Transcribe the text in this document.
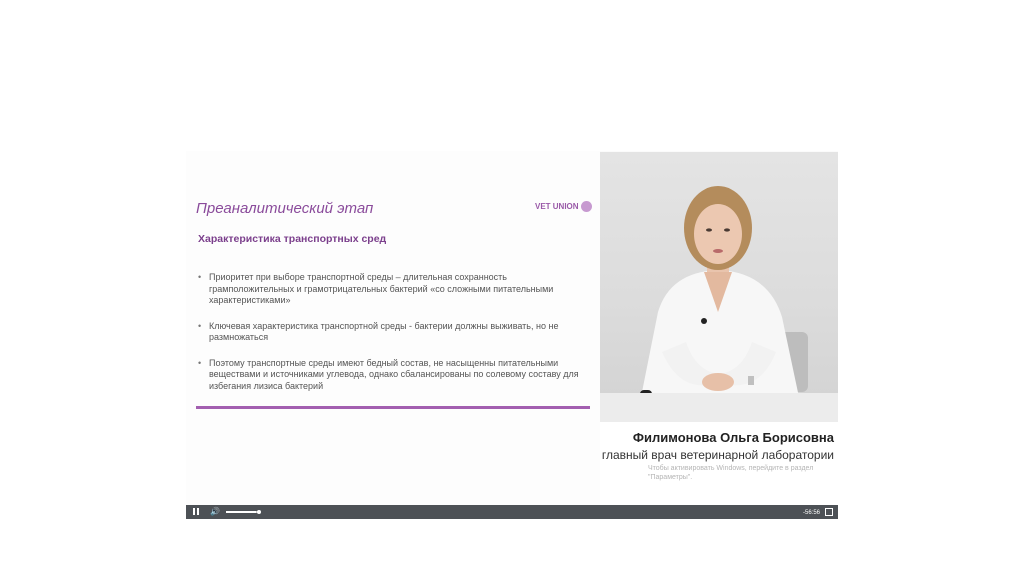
Преаналитический этап	VET UNION
Характеристика транспортных сред
• Приоритет при выборе транспортной среды – длительная сохранность грамположительных и грамотрицательных бактерий «со сложными питательными характеристиками»
• Ключевая характеристика транспортной среды - бактерии должны выживать, но не размножаться
• Поэтому транспортные среды имеют бедный состав, не насыщенны питательными веществами и источниками углевода, однако сбалансированы по солевому составу для избегания лизиса бактерий
Филимонова Ольга Борисовна
главный врач ветеринарной лаборатории
Чтобы активировать Windows, перейдите в раздел "Параметры".
🔊	-56:56
